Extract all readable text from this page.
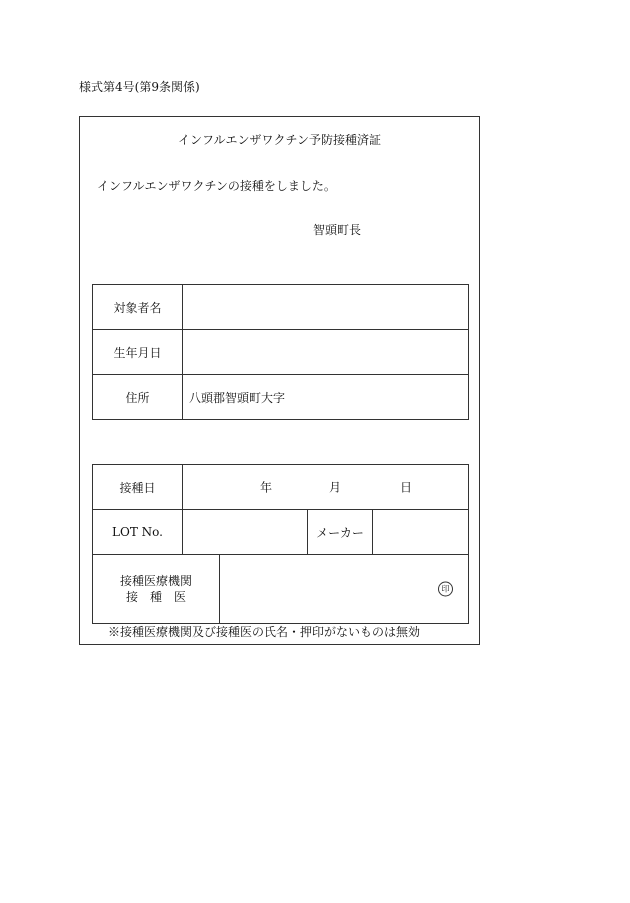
様式第4号(第9条関係)
インフルエンザワクチン予防接種済証
インフルエンザワクチンの接種をしました。
智頭町長
対象者名	
生年月日	
住所	八頭郡智頭町大字
接種日	年 月 日			

LOT No.			メーカー	

接種医療機関
接　種　医		印		
※接種医療機関及び接種医の氏名・押印がないものは無効
